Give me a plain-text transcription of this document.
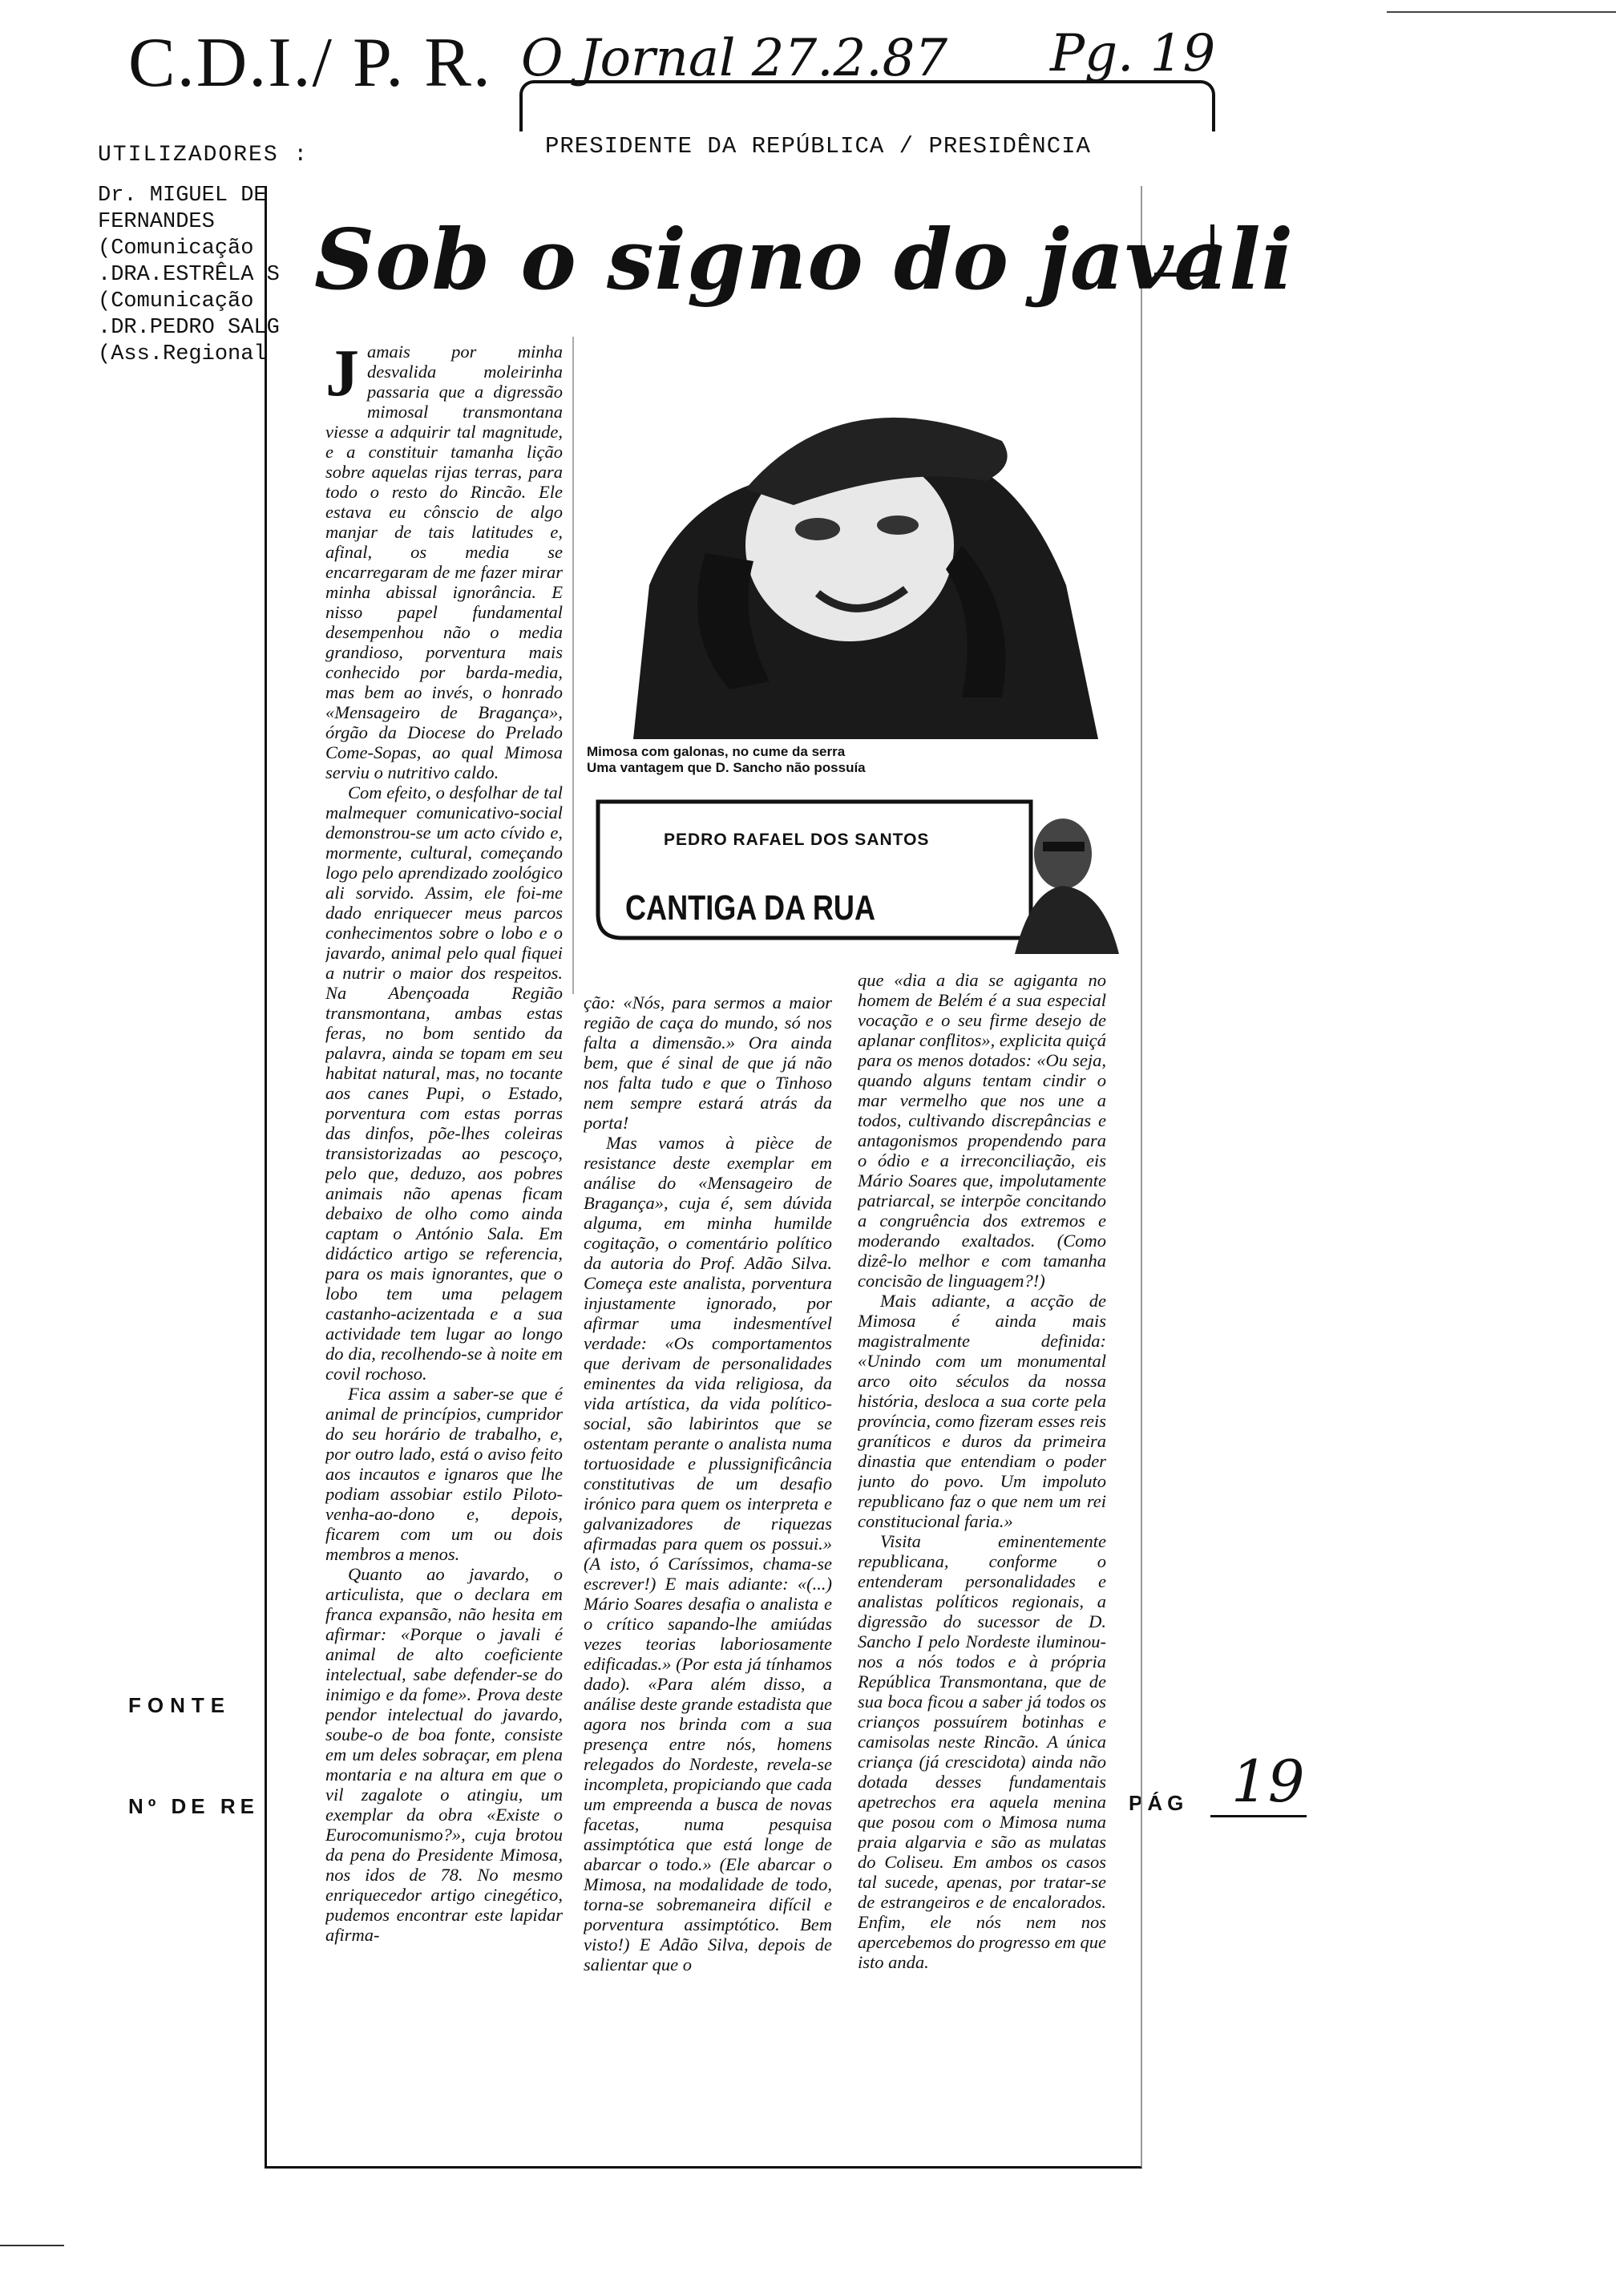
C.D.I./ P. R. O Jornal 27.2.87 Pg. 19
PRESIDENTE DA REPÚBLICA / PRESIDÊNCIA
UTILIZADORES :
Dr. MIGUEL DE
FERNANDES
(Comunicação
.DRA.ESTRÊLA S
(Comunicação
.DR.PEDRO SALG
(Ass.Regional
FONTE
Nº DE RE	PÁG 19
Sob o signo do javali
Mimosa com galonas, no cume da serra
Uma vantagem que D. Sancho não possuía
PEDRO RAFAEL DOS SANTOS
CANTIGA DA RUA

Jamais por minha desvalida moleirinha passaria que a digressão mimosal transmontana viesse a adquirir tal magnitude, e a constituir tamanha lição sobre aquelas rijas terras, para todo o resto do Rincão. Ele estava eu cônscio de algo manjar de tais latitudes e, afinal, os media se encarregaram de me fazer mirar minha abissal ignorância. E nisso papel fundamental desempenhou não o media grandioso, porventura mais conhecido por barda-media, mas bem ao invés, o honrado «Mensageiro de Bragança», órgão da Diocese do Prelado Come-Sopas, ao qual Mimosa serviu o nutritivo caldo.

Com efeito, o desfolhar de tal malmequer comunicativo-social demonstrou-se um acto cívido e, mormente, cultural, começando logo pelo aprendizado zoológico ali sorvido. Assim, ele foi-me dado enriquecer meus parcos conhecimentos sobre o lobo e o javardo, animal pelo qual fiquei a nutrir o maior dos respeitos. Na Abençoada Região transmontana, ambas estas feras, no bom sentido da palavra, ainda se topam em seu habitat natural, mas, no tocante aos canes Pupi, o Estado, porventura com estas porras das dinfos, põe-lhes coleiras transistorizadas ao pescoço, pelo que, deduzo, aos pobres animais não apenas ficam debaixo de olho como ainda captam o António Sala. Em didáctico artigo se referencia, para os mais ignorantes, que o lobo tem uma pelagem castanho-acizentada e a sua actividade tem lugar ao longo do dia, recolhendo-se à noite em covil rochoso.

Fica assim a saber-se que é animal de princípios, cumpridor do seu horário de trabalho, e, por outro lado, está o aviso feito aos incautos e ignaros que lhe podiam assobiar estilo Piloto-venha-ao-dono e, depois, ficarem com um ou dois membros a menos.

Quanto ao javardo, o articulista, que o declara em franca expansão, não hesita em afirmar: «Porque o javali é animal de alto coeficiente intelectual, sabe defender-se do inimigo e da fome». Prova deste pendor intelectual do javardo, soube-o de boa fonte, consiste em um deles sobraçar, em plena montaria e na altura em que o vil zagalote o atingiu, um exemplar da obra «Existe o Eurocomunismo?», cuja brotou da pena do Presidente Mimosa, nos idos de 78. No mesmo enriquecedor artigo cinegético, pudemos encontrar este lapidar afirma-

ção: «Nós, para sermos a maior região de caça do mundo, só nos falta a dimensão.» Ora ainda bem, que é sinal de que já não nos falta tudo e que o Tinhoso nem sempre estará atrás da porta!

Mas vamos à pièce de resistance deste exemplar em análise do «Mensageiro de Bragança», cuja é, sem dúvida alguma, em minha humilde cogitação, o comentário político da autoria do Prof. Adão Silva. Começa este analista, porventura injustamente ignorado, por afirmar uma indesmentível verdade: «Os comportamentos que derivam de personalidades eminentes da vida religiosa, da vida artística, da vida político-social, são labirintos que se ostentam perante o analista numa tortuosidade e plussignificância constitutivas de um desafio irónico para quem os interpreta e galvanizadores de riquezas afirmadas para quem os possui.» (A isto, ó Caríssimos, chama-se escrever!) E mais adiante: «(...) Mário Soares desafia o analista e o crítico sapando-lhe amiúdas vezes teorias laboriosamente edificadas.» (Por esta já tínhamos dado). «Para além disso, a análise deste grande estadista que agora nos brinda com a sua presença entre nós, homens relegados do Nordeste, revela-se incompleta, propiciando que cada um empreenda a busca de novas facetas, numa pesquisa assimptótica que está longe de abarcar o todo.» (Ele abarcar o Mimosa, na modalidade de todo, torna-se sobremaneira difícil e porventura assimptótico. Bem visto!) E Adão Silva, depois de salientar que o

que «dia a dia se agiganta no homem de Belém é a sua especial vocação e o seu firme desejo de aplanar conflitos», explicita quiçá para os menos dotados: «Ou seja, quando alguns tentam cindir o mar vermelho que nos une a todos, cultivando discrepâncias e antagonismos propendendo para o ódio e a irreconciliação, eis Mário Soares que, impolutamente patriarcal, se interpõe concitando a congruência dos extremos e moderando exaltados. (Como dizê-lo melhor e com tamanha concisão de linguagem?!)

Mais adiante, a acção de Mimosa é ainda mais magistralmente definida: «Unindo com um monumental arco oito séculos da nossa história, desloca a sua corte pela província, como fizeram esses reis graníticos e duros da primeira dinastia que entendiam o poder junto do povo. Um impoluto republicano faz o que nem um rei constitucional faria.»

Visita eminentemente republicana, conforme o entenderam personalidades e analistas políticos regionais, a digressão do sucessor de D. Sancho I pelo Nordeste iluminou-nos a nós todos e à própria República Transmontana, que de sua boca ficou a saber já todos os crianços possuírem botinhas e camisolas neste Rincão. A única criança (já crescidota) ainda não dotada desses fundamentais apetrechos era aquela menina que posou com o Mimosa numa praia algarvia e são as mulatas do Coliseu. Em ambos os casos tal sucede, apenas, por tratar-se de estrangeiros e de encalorados. Enfim, ele nós nem nos apercebemos do progresso em que isto anda.
